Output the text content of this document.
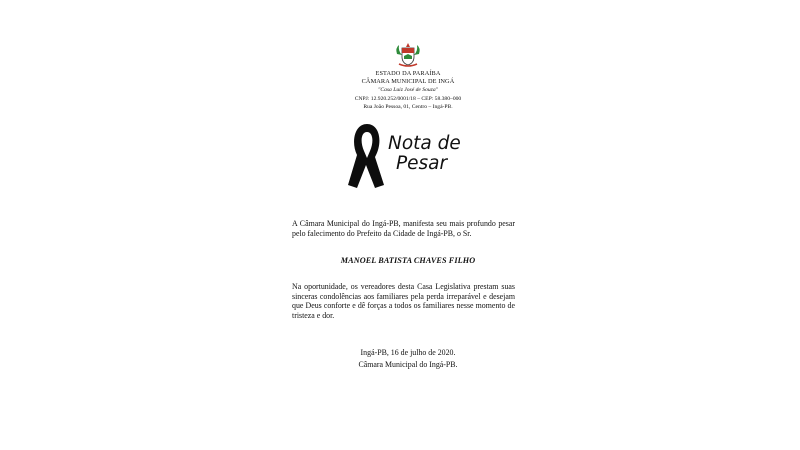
ESTADO DA PARAÍBA
CÂMARA MUNICIPAL DE INGÁ
"Casa Luiz José de Souza"
CNPJ: 12.920.252/0001/18 – CEP: 58.380–000
Rua João Pessoa, 01, Centro – Ingá-PB.
Nota de
Pesar
A Câmara Municipal do Ingá-PB, manifesta seu mais profundo pesar pelo falecimento do Prefeito da Cidade de Ingá-PB, o Sr.
MANOEL BATISTA CHAVES FILHO
Na oportunidade, os vereadores desta Casa Legislativa prestam suas sinceras condolências aos familiares pela perda irreparável e desejam que Deus conforte e dê forças a todos os familiares nesse momento de tristeza e dor.
Ingá-PB, 16 de julho de 2020.
Câmara Municipal do Ingá-PB.
